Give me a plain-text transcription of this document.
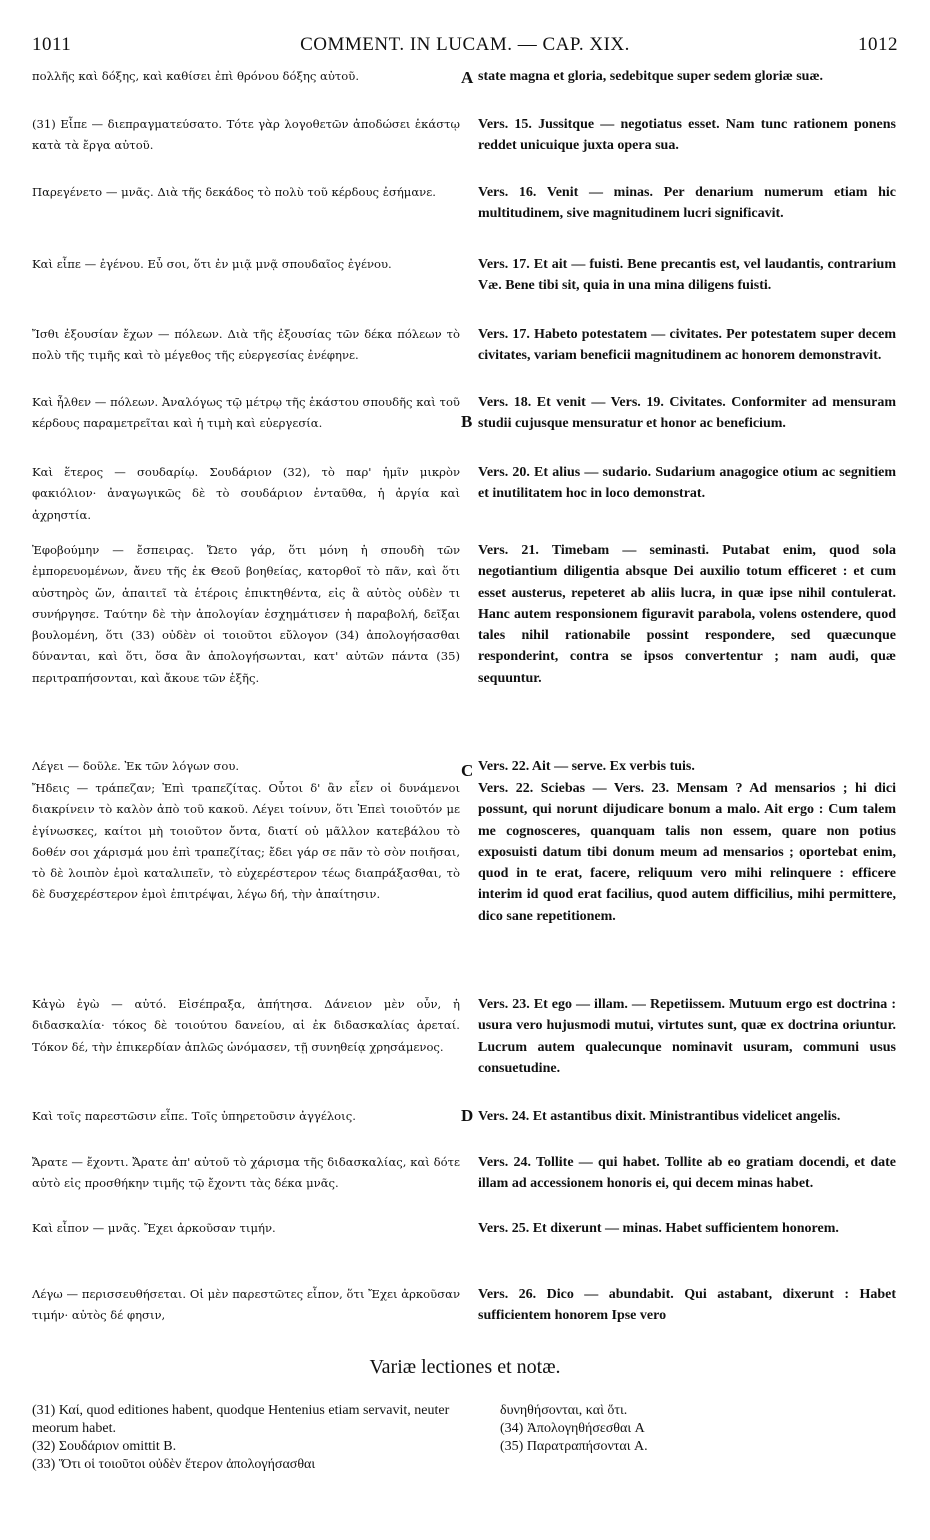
1011	COMMENT. IN LUCAM. — CAP. XIX.	1012
πολλῆς καὶ δόξης, καὶ καθίσει ἐπὶ θρόνου δόξης αὐτοῦ.
(31) Εἶπε — διεπραγματεύσατο. Τότε γὰρ λογοθετῶν ἀποδώσει ἑκάστῳ κατὰ τὰ ἔργα αὐτοῦ.
Παρεγένετο — μνᾶς. Διὰ τῆς δεκάδος τὸ πολὺ τοῦ κέρδους ἐσήμανε.
Καὶ εἶπε — ἐγένου. Εὖ σοι, ὅτι ἐν μιᾷ μνᾷ σπουδαῖος ἐγένου.
Ἴσθι ἐξουσίαν ἔχων — πόλεων. Διὰ τῆς ἐξουσίας τῶν δέκα πόλεων τὸ πολὺ τῆς τιμῆς καὶ τὸ μέγεθος τῆς εὐεργεσίας ἐνέφηνε.
Καὶ ἦλθεν — πόλεων. Ἀναλόγως τῷ μέτρῳ τῆς ἑκάστου σπουδῆς καὶ τοῦ κέρδους παραμετρεῖται καὶ ἡ τιμὴ καὶ εὐεργεσία.
Καὶ ἕτερος — σουδαρίῳ. Σουδάριον (32), τὸ παρ' ἡμῖν μικρὸν φακιόλιον· ἀναγωγικῶς δὲ τὸ σουδάριον ἐνταῦθα, ἡ ἀργία καὶ ἀχρηστία.
Ἐφοβούμην — ἔσπειρας. Ὤετο γάρ, ὅτι μόνη ἡ σπουδὴ τῶν ἐμπορευομένων, ἄνευ τῆς ἐκ Θεοῦ βοηθείας, κατορθοῖ τὸ πᾶν, καὶ ὅτι αὐστηρὸς ὤν, ἀπαιτεῖ τὰ ἑτέροις ἐπικτηθέντα, εἰς ἃ αὐτὸς οὐδὲν τι συνήργησε. Ταύτην δὲ τὴν ἀπολογίαν ἐσχημάτισεν ἡ παραβολή, δεῖξαι βουλομένη, ὅτι (33) οὐδὲν οἱ τοιοῦτοι εὔλογον (34) ἀπολογήσασθαι δύνανται, καὶ ὅτι, ὅσα ἂν ἀπολογήσωνται, κατ' αὐτῶν πάντα (35) περιτραπήσονται, καὶ ἄκουε τῶν ἑξῆς.
Λέγει — δοῦλε. Ἐκ τῶν λόγων σου.
Ἤδεις — τράπεζαν; Ἐπὶ τραπεζίτας. Οὗτοι δ' ἂν εἶεν οἱ δυνάμενοι διακρίνειν τὸ καλὸν ἀπὸ τοῦ κακοῦ. Λέγει τοίνυν, ὅτι Ἐπεὶ τοιοῦτόν με ἐγίνωσκες, καίτοι μὴ τοιοῦτον ὄντα, διατί οὐ μᾶλλον κατεβάλου τὸ δοθέν σοι χάρισμά μου ἐπὶ τραπεζίτας; ἔδει γάρ σε πᾶν τὸ σὸν ποιῆσαι, τὸ δὲ λοιπὸν ἐμοὶ καταλιπεῖν, τὸ εὐχερέστερον τέως διαπράξασθαι, τὸ δὲ δυσχερέστερον ἐμοὶ ἐπιτρέψαι, λέγω δή, τὴν ἀπαίτησιν.
Κἀγὼ ἐγὼ — αὐτό. Εἰσέπραξα, ἀπήτησα. Δάνειον μὲν οὖν, ἡ διδασκαλία· τόκος δὲ τοιούτου δανείου, αἱ ἐκ διδασκαλίας ἀρεταί. Τόκον δέ, τὴν ἐπικερδίαν ἁπλῶς ὠνόμασεν, τῇ συνηθείᾳ χρησάμενος.
Καὶ τοῖς παρεστῶσιν εἶπε. Τοῖς ὑπηρετοῦσιν ἀγγέλοις.
Ἄρατε — ἔχοντι. Ἄρατε ἀπ' αὐτοῦ τὸ χάρισμα τῆς διδασκαλίας, καὶ δότε αὐτὸ εἰς προσθήκην τιμῆς τῷ ἔχοντι τὰς δέκα μνᾶς.
Καὶ εἶπον — μνᾶς. Ἔχει ἀρκοῦσαν τιμήν.
Λέγω — περισσευθήσεται. Οἱ μὲν παρεστῶτες εἶπον, ὅτι Ἔχει ἀρκοῦσαν τιμήν· αὐτὸς δέ φησιν,
A
B
C
D
state magna et gloria, sedebitque super sedem gloriæ suæ.
Vers. 15. Jussitque — negotiatus esset. Nam tunc rationem ponens reddet unicuique juxta opera sua.
Vers. 16. Venit — minas. Per denarium numerum etiam hic multitudinem, sive magnitudinem lucri significavit.
Vers. 17. Et ait — fuisti. Bene precantis est, vel laudantis, contrarium Væ. Bene tibi sit, quia in una mina diligens fuisti.
Vers. 17. Habeto potestatem — civitates. Per potestatem super decem civitates, variam beneficii magnitudinem ac honorem demonstravit.
Vers. 18. Et venit — Vers. 19. Civitates. Conformiter ad mensuram studii cujusque mensuratur et honor ac beneficium.
Vers. 20. Et alius — sudario. Sudarium anagogice otium ac segnitiem et inutilitatem hoc in loco demonstrat.
Vers. 21. Timebam — seminasti. Putabat enim, quod sola negotiantium diligentia absque Dei auxilio totum efficeret : et cum esset austerus, repeteret ab aliis lucra, in quæ ipse nihil contulerat. Hanc autem responsionem figuravit parabola, volens ostendere, quod tales nihil rationabile possint respondere, sed quæcunque responderint, contra se ipsos convertentur ; nam audi, quæ sequuntur.
Vers. 22. Ait — serve. Ex verbis tuis.
Vers. 22. Sciebas — Vers. 23. Mensam ? Ad mensarios ; hi dici possunt, qui norunt dijudicare bonum a malo. Ait ergo : Cum talem me cognosceres, quanquam talis non essem, quare non potius exposuisti datum tibi donum meum ad mensarios ; oportebat enim, quod in te erat, facere, reliquum vero mihi relinquere : efficere interim id quod erat facilius, quod autem difficilius, mihi permittere, dico sane repetitionem.
Vers. 23. Et ego — illam. — Repetiissem. Mutuum ergo est doctrina : usura vero hujusmodi mutui, virtutes sunt, quæ ex doctrina oriuntur. Lucrum autem qualecunque nominavit usuram, communi usus consuetudine.
Vers. 24. Et astantibus dixit. Ministrantibus videlicet angelis.
Vers. 24. Tollite — qui habet. Tollite ab eo gratiam docendi, et date illam ad accessionem honoris ei, qui decem minas habet.
Vers. 25. Et dixerunt — minas. Habet sufficientem honorem.
Vers. 26. Dico — abundabit. Qui astabant, dixerunt : Habet sufficientem honorem Ipse vero
Variæ lectiones et notæ.
(31) Καί, quod editiones habent, quodque Hentenius etiam servavit, neuter meorum habet.
(32) Σουδάριον omittit B.
(33) Ὅτι οἱ τοιοῦτοι οὐδὲν ἕτερον ἀπολογήσασθαι
δυνηθήσονται, καὶ ὅτι.
(34) Ἀπολογηθήσεσθαι A
(35) Παρατραπήσονται A.
